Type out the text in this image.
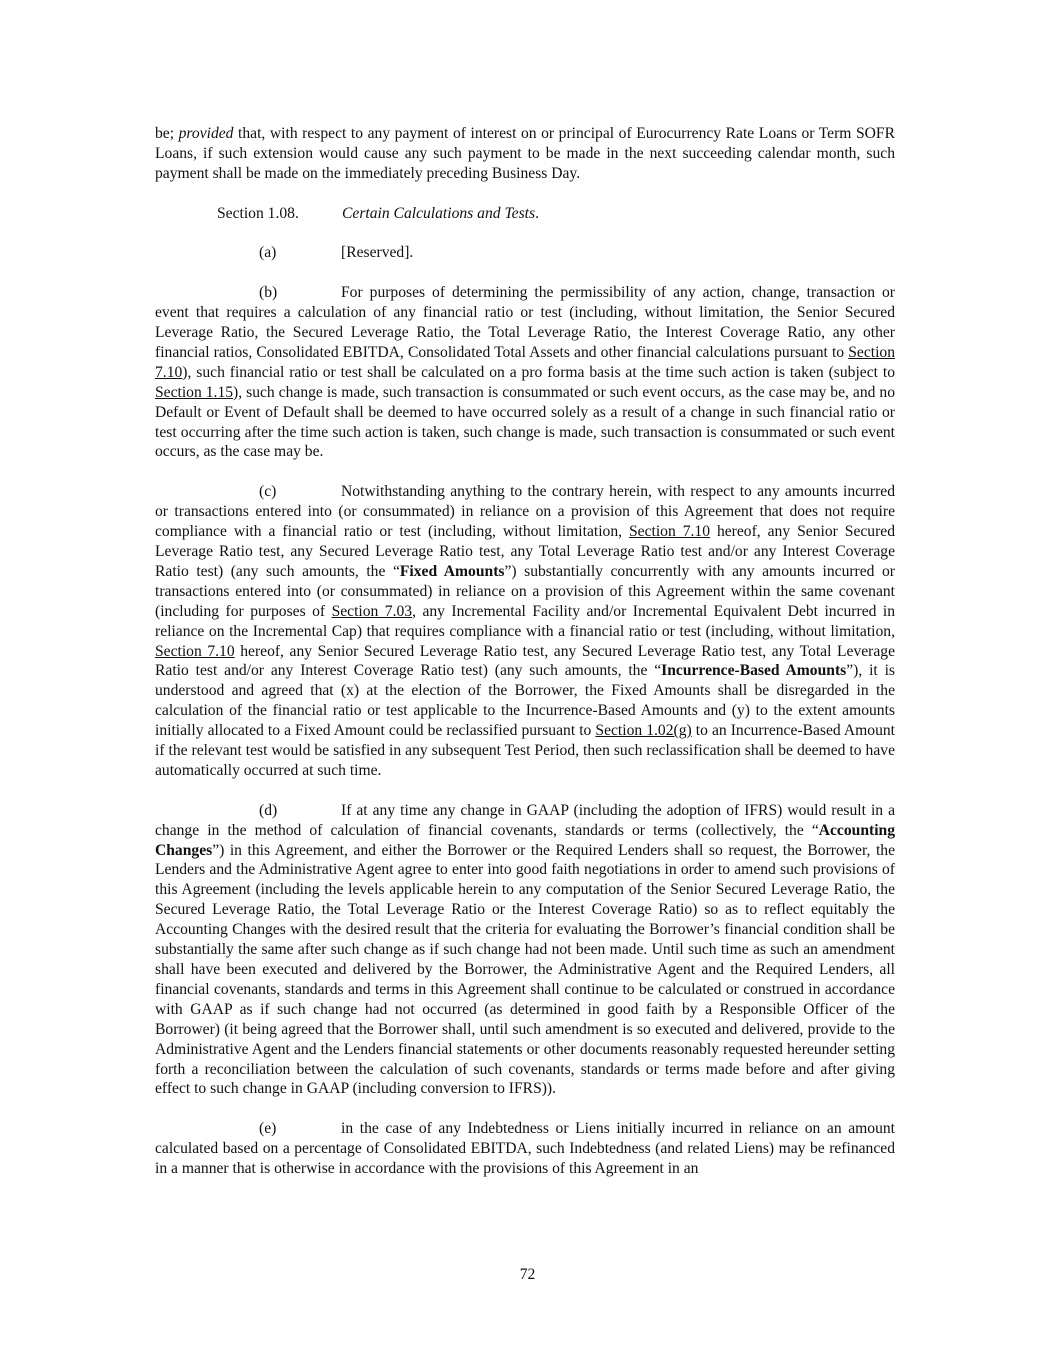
be; provided that, with respect to any payment of interest on or principal of Eurocurrency Rate Loans or Term SOFR Loans, if such extension would cause any such payment to be made in the next succeeding calendar month, such payment shall be made on the immediately preceding Business Day.

Section 1.08.	Certain Calculations and Tests.
(a)	[Reserved].

(b)	For purposes of determining the permissibility of any action, change, transaction or event that requires a calculation of any financial ratio or test (including, without limitation, the Senior Secured Leverage Ratio, the Secured Leverage Ratio, the Total Leverage Ratio, the Interest Coverage Ratio, any other financial ratios, Consolidated EBITDA, Consolidated Total Assets and other financial calculations pursuant to Section 7.10), such financial ratio or test shall be calculated on a pro forma basis at the time such action is taken (subject to Section 1.15), such change is made, such transaction is consummated or such event occurs, as the case may be, and no Default or Event of Default shall be deemed to have occurred solely as a result of a change in such financial ratio or test occurring after the time such action is taken, such change is made, such transaction is consummated or such event occurs, as the case may be.

(c)	Notwithstanding anything to the contrary herein, with respect to any amounts incurred or transactions entered into (or consummated) in reliance on a provision of this Agreement that does not require compliance with a financial ratio or test (including, without limitation, Section 7.10 hereof, any Senior Secured Leverage Ratio test, any Secured Leverage Ratio test, any Total Leverage Ratio test and/or any Interest Coverage Ratio test) (any such amounts, the “Fixed Amounts”) substantially concurrently with any amounts incurred or transactions entered into (or consummated) in reliance on a provision of this Agreement within the same covenant (including for purposes of Section 7.03, any Incremental Facility and/or Incremental Equivalent Debt incurred in reliance on the Incremental Cap) that requires compliance with a financial ratio or test (including, without limitation, Section 7.10 hereof, any Senior Secured Leverage Ratio test, any Secured Leverage Ratio test, any Total Leverage Ratio test and/or any Interest Coverage Ratio test) (any such amounts, the “Incurrence-Based Amounts”), it is understood and agreed that (x) at the election of the Borrower, the Fixed Amounts shall be disregarded in the calculation of the financial ratio or test applicable to the Incurrence-Based Amounts and (y) to the extent amounts initially allocated to a Fixed Amount could be reclassified pursuant to Section 1.02(g) to an Incurrence-Based Amount if the relevant test would be satisfied in any subsequent Test Period, then such reclassification shall be deemed to have automatically occurred at such time.

(d)	If at any time any change in GAAP (including the adoption of IFRS) would result in a change in the method of calculation of financial covenants, standards or terms (collectively, the “Accounting Changes”) in this Agreement, and either the Borrower or the Required Lenders shall so request, the Borrower, the Lenders and the Administrative Agent agree to enter into good faith negotiations in order to amend such provisions of this Agreement (including the levels applicable herein to any computation of the Senior Secured Leverage Ratio, the Secured Leverage Ratio, the Total Leverage Ratio or the Interest Coverage Ratio) so as to reflect equitably the Accounting Changes with the desired result that the criteria for evaluating the Borrower’s financial condition shall be substantially the same after such change as if such change had not been made. Until such time as such an amendment shall have been executed and delivered by the Borrower, the Administrative Agent and the Required Lenders, all financial covenants, standards and terms in this Agreement shall continue to be calculated or construed in accordance with GAAP as if such change had not occurred (as determined in good faith by a Responsible Officer of the Borrower) (it being agreed that the Borrower shall, until such amendment is so executed and delivered, provide to the Administrative Agent and the Lenders financial statements or other documents reasonably requested hereunder setting forth a reconciliation between the calculation of such covenants, standards or terms made before and after giving effect to such change in GAAP (including conversion to IFRS)).

(e)	in the case of any Indebtedness or Liens initially incurred in reliance on an amount calculated based on a percentage of Consolidated EBITDA, such Indebtedness (and related Liens) may be refinanced in a manner that is otherwise in accordance with the provisions of this Agreement in an

72
